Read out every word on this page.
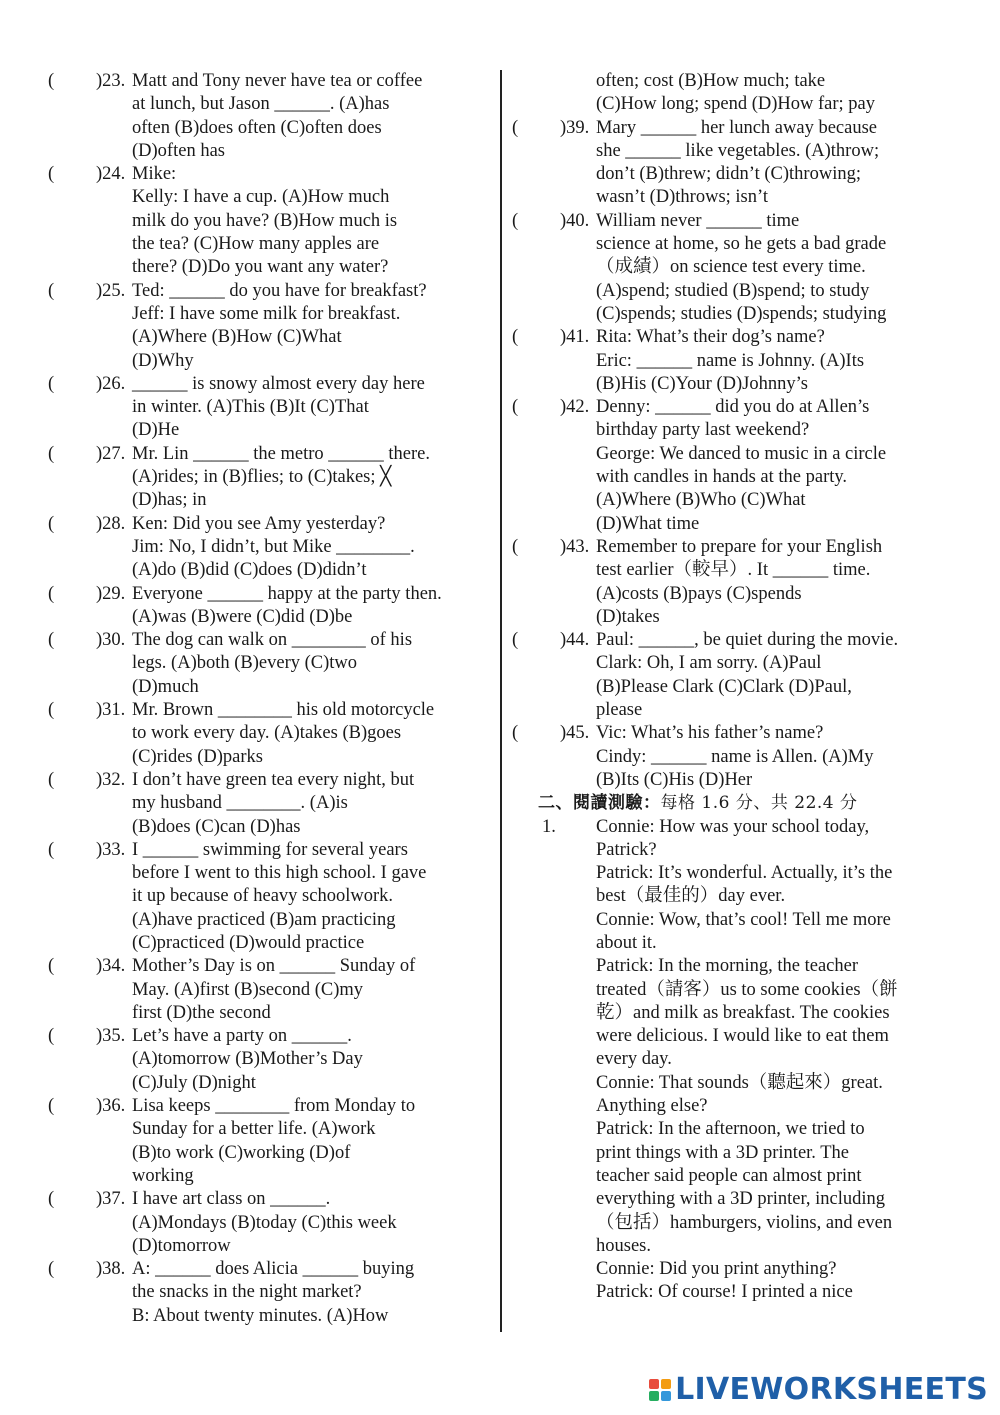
( )23. Matt and Tony never have tea or coffee
at lunch, but Jason ______. (A)has
often (B)does often (C)often does
(D)often has
( )24. Mike:
Kelly: I have a cup. (A)How much
milk do you have? (B)How much is
the tea? (C)How many apples are
there? (D)Do you want any water?
( )25. Ted: ______ do you have for breakfast?
Jeff: I have some milk for breakfast.
(A)Where (B)How (C)What
(D)Why
( )26. ______ is snowy almost every day here
in winter. (A)This (B)It (C)That
(D)He
( )27. Mr. Lin ______ the metro ______ there.
(A)rides; in (B)flies; to (C)takes; ╳
(D)has; in
( )28. Ken: Did you see Amy yesterday?
Jim: No, I didn’t, but Mike ________.
(A)do (B)did (C)does (D)didn’t
( )29. Everyone ______ happy at the party then.
(A)was (B)were (C)did (D)be
( )30. The dog can walk on ________ of his
legs. (A)both (B)every (C)two
(D)much
( )31. Mr. Brown ________ his old motorcycle
to work every day. (A)takes (B)goes
(C)rides (D)parks
( )32. I don’t have green tea every night, but
my husband ________. (A)is
(B)does (C)can (D)has
( )33. I ______ swimming for several years
before I went to this high school. I gave
it up because of heavy schoolwork.
(A)have practiced (B)am practicing
(C)practiced (D)would practice
( )34. Mother’s Day is on ______ Sunday of
May. (A)first (B)second (C)my
first (D)the second
( )35. Let’s have a party on ______.
(A)tomorrow (B)Mother’s Day
(C)July (D)night
( )36. Lisa keeps ________ from Monday to
Sunday for a better life. (A)work
(B)to work (C)working (D)of
working
( )37. I have art class on ______.
(A)Mondays (B)today (C)this week
(D)tomorrow
( )38. A: ______ does Alicia ______ buying
the snacks in the night market?
B: About twenty minutes. (A)How
often; cost (B)How much; take
(C)How long; spend (D)How far; pay
( )39. Mary ______ her lunch away because
she ______ like vegetables. (A)throw;
don’t (B)threw; didn’t (C)throwing;
wasn’t (D)throws; isn’t
( )40. William never ______ time
science at home, so he gets a bad grade
（成績）on science test every time.
(A)spend; studied (B)spend; to study
(C)spends; studies (D)spends; studying
( )41. Rita: What’s their dog’s name?
Eric: ______ name is Johnny. (A)Its
(B)His (C)Your (D)Johnny’s
( )42. Denny: ______ did you do at Allen’s
birthday party last weekend?
George: We danced to music in a circle
with candles in hands at the party.
(A)Where (B)Who (C)What
(D)What time
( )43. Remember to prepare for your English
test earlier（較早）. It ______ time.
(A)costs (B)pays (C)spends
(D)takes
( )44. Paul: ______, be quiet during the movie.
Clark: Oh, I am sorry. (A)Paul
(B)Please Clark (C)Clark (D)Paul,
please
( )45. Vic: What’s his father’s name?
Cindy: ______ name is Allen. (A)My
(B)Its (C)His (D)Her
二、閱讀測驗：每格 1.6 分、共 22.4 分
1. Connie: How was your school today,
Patrick?
Patrick: It’s wonderful. Actually, it’s the
best（最佳的）day ever.
Connie: Wow, that’s cool! Tell me more
about it.
Patrick: In the morning, the teacher
treated（請客）us to some cookies（餅
乾）and milk as breakfast. The cookies
were delicious. I would like to eat them
every day.
Connie: That sounds（聽起來）great.
Anything else?
Patrick: In the afternoon, we tried to
print things with a 3D printer. The
teacher said people can almost print
everything with a 3D printer, including
（包括）hamburgers, violins, and even
houses.
Connie: Did you print anything?
Patrick: Of course! I printed a nice
LIVEWORKSHEETS
